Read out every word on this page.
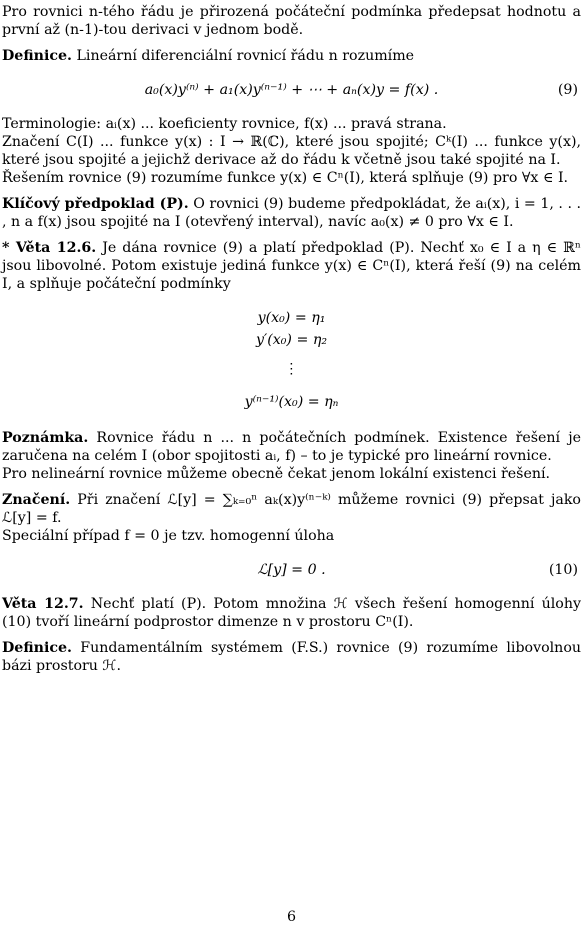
Pro rovnici n-tého řádu je přirozená počáteční podmínka předepsat hodnotu a první až (n-1)-tou derivaci v jednom bodě.

Definice. Lineární diferenciální rovnicí řádu n rozumíme

a₀(x)y⁽ⁿ⁾ + a₁(x)y⁽ⁿ⁻¹⁾ + ⋯ + aₙ(x)y = f(x) .	(9)

Terminologie: aᵢ(x) ... koeficienty rovnice, f(x) ... pravá strana.

Značení C(I) ... funkce y(x) : I → ℝ(ℂ), které jsou spojité; Cᵏ(I) ... funkce y(x), které jsou spojité a jejichž derivace až do řádu k včetně jsou také spojité na I.

Řešením rovnice (9) rozumíme funkce y(x) ∈ Cⁿ(I), která splňuje (9) pro ∀x ∈ I.

Klíčový předpoklad (P). O rovnici (9) budeme předpokládat, že aᵢ(x), i = 1, . . . , n a f(x) jsou spojité na I (otevřený interval), navíc a₀(x) ≠ 0 pro ∀x ∈ I.

* Věta 12.6. Je dána rovnice (9) a platí předpoklad (P). Nechť x₀ ∈ I a η ∈ ℝⁿ jsou libovolné. Potom existuje jediná funkce y(x) ∈ Cⁿ(I), která řeší (9) na celém I, a splňuje počáteční podmínky

y(x₀) = η₁
y′(x₀) = η₂
⋮
y⁽ⁿ⁻¹⁾(x₀) = ηₙ

Poznámka. Rovnice řádu n ... n počátečních podmínek. Existence řešení je zaručena na celém I (obor spojitosti aᵢ, f) – to je typické pro lineární rovnice.

Pro nelineární rovnice můžeme obecně čekat jenom lokální existenci řešení.

Značení. Při značení ℒ[y] = ∑ₖ₌₀ⁿ aₖ(x)y⁽ⁿ⁻ᵏ⁾ můžeme rovnici (9) přepsat jako ℒ[y] = f.

Speciální případ f = 0 je tzv. homogenní úloha

ℒ[y] = 0 .	(10)

Věta 12.7. Nechť platí (P). Potom množina ℋ všech řešení homogenní úlohy (10) tvoří lineární podprostor dimenze n v prostoru Cⁿ(I).

Definice. Fundamentálním systémem (F.S.) rovnice (9) rozumíme libovolnou bázi prostoru ℋ.

6
